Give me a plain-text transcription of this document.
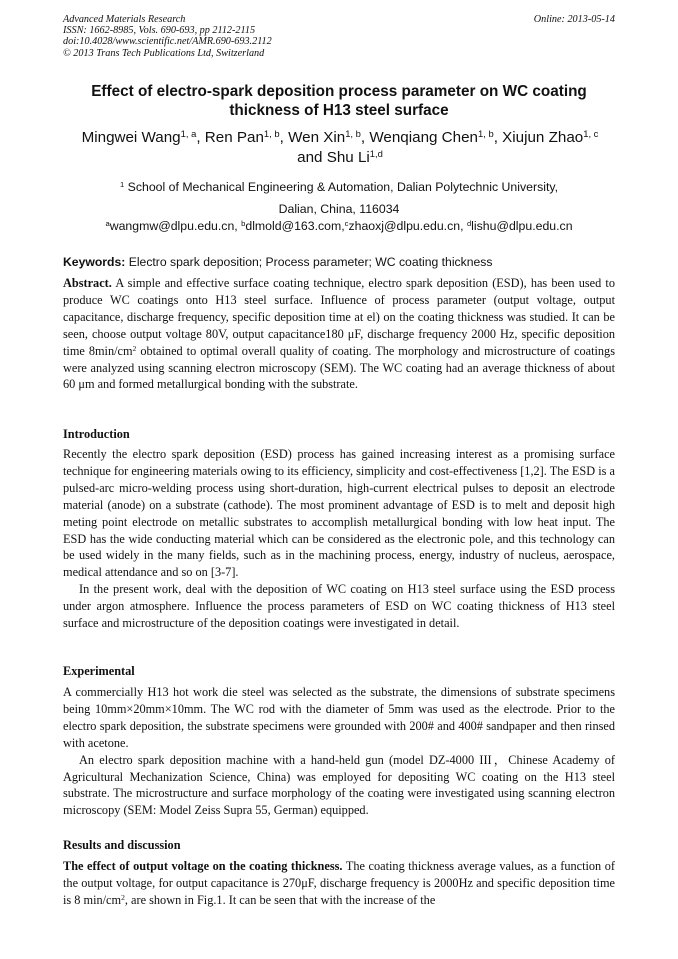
Advanced Materials Research
ISSN: 1662-8985, Vols. 690-693, pp 2112-2115
doi:10.4028/www.scientific.net/AMR.690-693.2112
© 2013 Trans Tech Publications Ltd, Switzerland
Online: 2013-05-14
Effect of electro-spark deposition process parameter on WC coating
thickness of H13 steel surface
Mingwei Wang$^{1, a}$, Ren Pan$^{1, b}$, Wen Xin$^{1, b}$, Wenqiang Chen$^{1, b}$, Xiujun Zhao$^{1, c}$
and Shu Li$^{1,d}$
$^1$ School of Mechanical Engineering & Automation, Dalian Polytechnic University,
Dalian, China, 116034
$^a$wangmw@dlpu.edu.cn, $^b$dlmold@163.com,$^c$zhaoxj@dlpu.edu.cn, $^d$lishu@dlpu.edu.cn
Keywords: Electro spark deposition; Process parameter; WC coating thickness

Abstract. A simple and effective surface coating technique, electro spark deposition (ESD), has been used to produce WC coatings onto H13 steel surface. Influence of process parameter (output voltage, output capacitance, discharge frequency, specific deposition time at el) on the coating thickness was studied. It can be seen, choose output voltage 80V, output capacitance180 μF, discharge frequency 2000 Hz, specific deposition time $8\min/cm^2$ obtained to optimal overall quality of coating. The morphology and microstructure of coatings were analyzed using scanning electron microscopy (SEM). The WC coating had an average thickness of about 60 μm and formed metallurgical bonding with the substrate.

Introduction

Recently the electro spark deposition (ESD) process has gained increasing interest as a promising surface technique for engineering materials owing to its efficiency, simplicity and cost-effectiveness [1,2]. The ESD is a pulsed-arc micro-welding process using short-duration, high-current electrical pulses to deposit an electrode material (anode) on a substrate (cathode). The most prominent advantage of ESD is to melt and deposit high meting point electrode on metallic substrates to accomplish metallurgical bonding with low heat input. The ESD has the wide conducting material which can be considered as the electronic pole, and this technology can be used widely in the many fields, such as in the machining process, energy, industry of nucleus, aerospace, medical attendance and so on [3-7].

In the present work, deal with the deposition of WC coating on H13 steel surface using the ESD process under argon atmosphere. Influence the process parameters of ESD on WC coating thickness of H13 steel surface and microstructure of the deposition coatings were investigated in detail.

Experimental

A commercially H13 hot work die steel was selected as the substrate, the dimensions of substrate specimens being 10mm×20mm×10mm. The WC rod with the diameter of 5mm was used as the electrode. Prior to the electro spark deposition, the substrate specimens were grounded with 200# and 400# sandpaper and then rinsed with acetone.

An electro spark deposition machine with a hand-held gun (model DZ-4000 III，Chinese Academy of Agricultural Mechanization Science, China) was employed for depositing WC coating on the H13 steel substrate. The microstructure and surface morphology of the coating were investigated using scanning electron microscopy (SEM: Model Zeiss Supra 55, German) equipped.

Results and discussion

The effect of output voltage on the coating thickness. The coating thickness average values, as a function of the output voltage, for output capacitance is 270μF, discharge frequency is 2000Hz and specific deposition time is 8 $\min/cm^2$, are shown in Fig.1. It can be seen that with the increase of the
